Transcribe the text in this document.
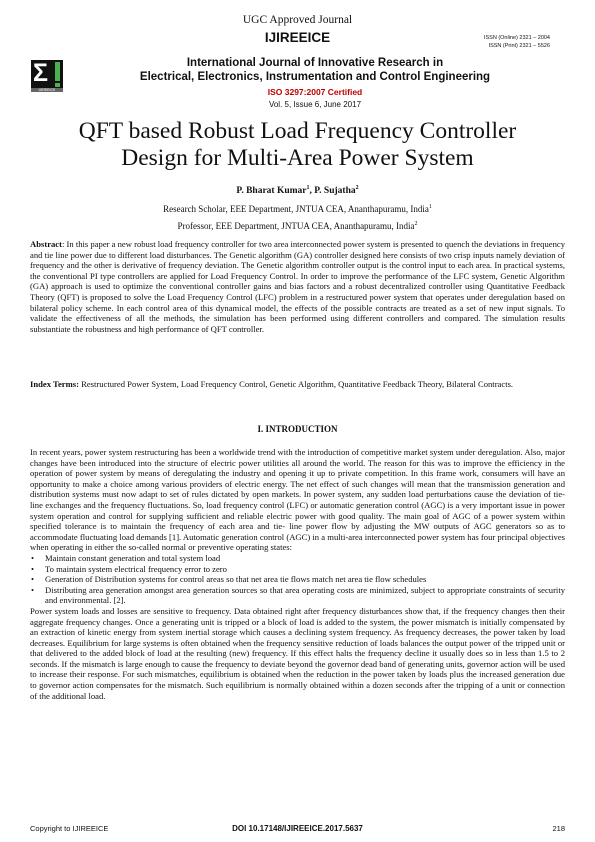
UGC Approved Journal
IJIREEICE	ISSN (Online) 2321 – 2004
ISSN (Print) 2321 – 5526
Σ
IJIREEICE
International Journal of Innovative Research in
Electrical, Electronics, Instrumentation and Control Engineering
ISO 3297:2007 Certified
Vol. 5, Issue 6, June 2017
QFT based Robust Load Frequency Controller
Design for Multi-Area Power System
P. Bharat Kumar$^1$, P. Sujatha$^2$
Research Scholar, EEE Department, JNTUA CEA, Ananthapuramu, India$^1$
Professor, EEE Department, JNTUA CEA, Ananthapuramu, India$^2$
Abstract: In this paper a new robust load frequency controller for two area interconnected power system is presented to quench the deviations in frequency and tie line power due to different load disturbances. The Genetic algorithm (GA) controller designed here consists of two crisp inputs namely deviation of frequency and the other is derivative of frequency deviation. The Genetic algorithm controller output is the control input to each area. In practical systems, the conventional PI type controllers are applied for Load Frequency Control. In order to improve the performance of the LFC system, Genetic Algorithm (GA) approach is used to optimize the conventional controller gains and bias factors and a robust decentralized controller using Quantitative Feedback Theory (QFT) is proposed to solve the Load Frequency Control (LFC) problem in a restructured power system that operates under deregulation based on bilateral policy scheme. In each control area of this dynamical model, the effects of the possible contracts are treated as a set of new input signals. To validate the effectiveness of all the methods, the simulation has been performed using different controllers and compared. The simulation results substantiate the robustness and high performance of QFT controller.
Index Terms: Restructured Power System, Load Frequency Control, Genetic Algorithm, Quantitative Feedback Theory, Bilateral Contracts.
I. INTRODUCTION

In recent years, power system restructuring has been a worldwide trend with the introduction of competitive market system under deregulation. Also, major changes have been introduced into the structure of electric power utilities all around the world. The reason for this was to improve the efficiency in the operation of power system by means of deregulating the industry and opening it up to private competition. In this frame work, consumers will have an opportunity to make a choice among various providers of electric energy. The net effect of such changes will mean that the transmission generation and distribution systems must now adapt to set of rules dictated by open markets. In power system, any sudden load perturbations cause the deviation of tie- line exchanges and the frequency fluctuations. So, load frequency control (LFC) or automatic generation control (AGC) is a very important issue in power system operation and control for supplying sufficient and reliable electric power with good quality. The main goal of AGC of a power system within specified tolerance is to maintain the frequency of each area and tie- line power flow by adjusting the MW outputs of AGC generators so as to accommodate fluctuating load demands [1]. Automatic generation control (AGC) in a multi-area interconnected power system has four principal objectives when operating in either the so-called normal or preventive operating states:

• Maintain constant generation and total system load
• To maintain system electrical frequency error to zero
• Generation of Distribution systems for control areas so that net area tie flows match net area tie flow schedules
• Distributing area generation amongst area generation sources so that area operating costs are minimized, subject to appropriate constraints of security and environmental. [2].

Power system loads and losses are sensitive to frequency. Data obtained right after frequency disturbances show that, if the frequency changes then their aggregate frequency changes. Once a generating unit is tripped or a block of load is added to the system, the power mismatch is initially compensated by an extraction of kinetic energy from system inertial storage which causes a declining system frequency. As frequency decreases, the power taken by load decreases. Equilibrium for large systems is often obtained when the frequency sensitive reduction of loads balances the output power of the tripped unit or that delivered to the added block of load at the resulting (new) frequency. If this effect halts the frequency decline it usually does so in less than 1.5 to 2 seconds. If the mismatch is large enough to cause the frequency to deviate beyond the governor dead band of generating units, governor action will be used to increase their response. For such mismatches, equilibrium is obtained when the reduction in the power taken by loads plus the increased generation due to governor action compensates for the mismatch. Such equilibrium is normally obtained within a dozen seconds after the tripping of a unit or connection of the additional load.

DOI 10.17148/IJIREEICE.2017.5637
Copyright to IJIREEICE	218
